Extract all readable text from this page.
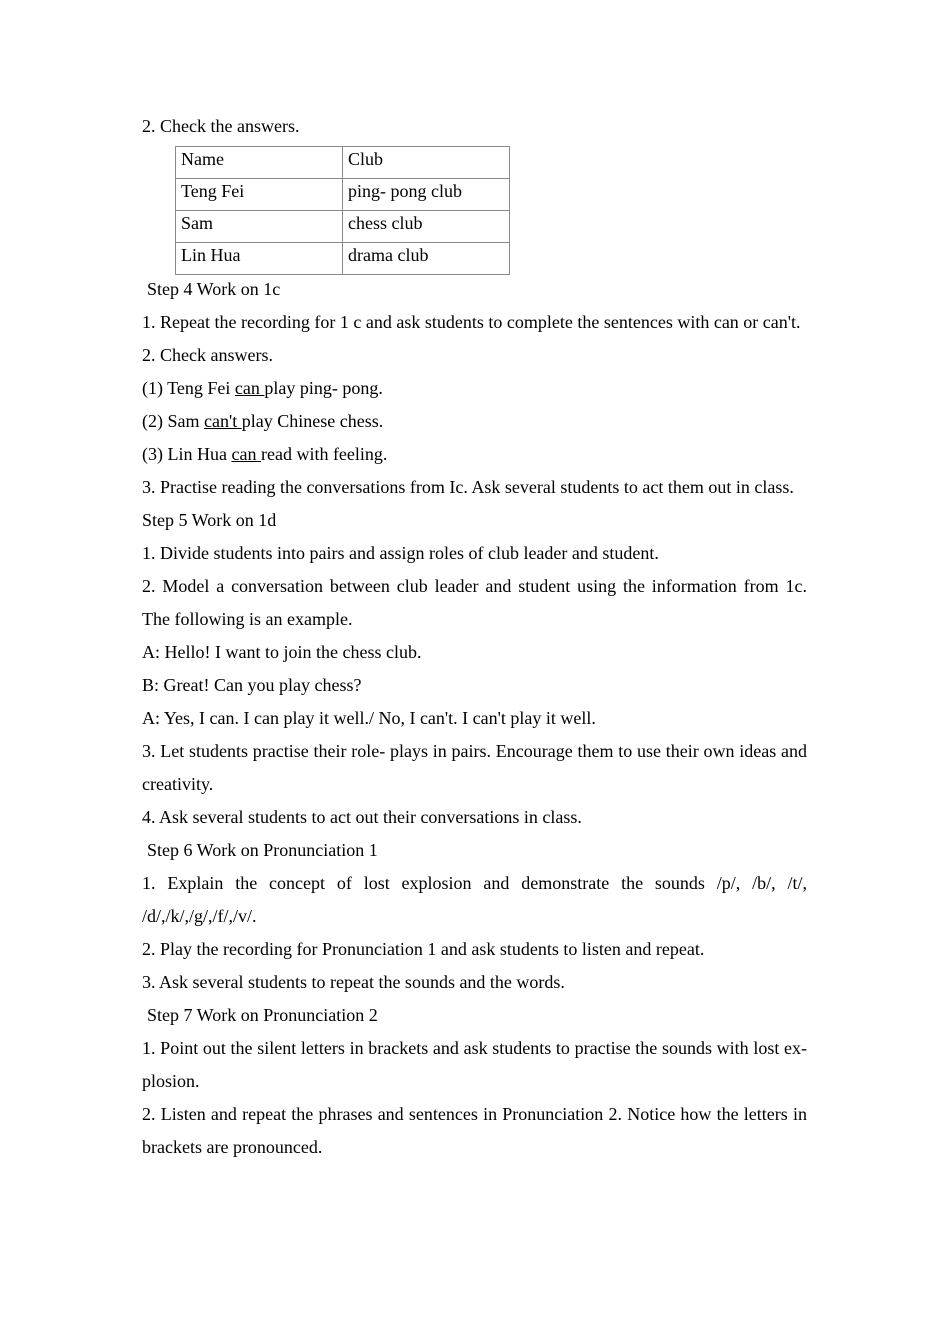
2. Check the answers.

Name	Club
Teng Fei	ping- pong club
Sam	chess club
Lin Hua	drama club

Step 4 Work on 1c

1. Repeat the recording for 1 c and ask students to complete the sentences with can or can't.

2. Check answers.

(1) Teng Fei can play ping- pong.

(2) Sam can't play Chinese chess.

(3) Lin Hua can read with feeling.

3. Practise reading the conversations from Ic. Ask several students to act them out in class.

Step 5 Work on 1d

1. Divide students into pairs and assign roles of club leader and student.

2. Model a conversation between club leader and student using the information from 1c. The following is an example.

A: Hello! I want to join the chess club.

B: Great! Can you play chess?

A: Yes, I can. I can play it well./ No, I can't. I can't play it well.

3. Let students practise their role- plays in pairs. Encourage them to use their own ideas and creativity.

4. Ask several students to act out their conversations in class.

Step 6 Work on Pronunciation 1

1. Explain the concept of lost explosion and demonstrate the sounds /p/, /b/, /t/, /d/,/k/,/g/,/f/,/v/.

2. Play the recording for Pronunciation 1 and ask students to listen and repeat.

3. Ask several students to repeat the sounds and the words.

Step 7 Work on Pronunciation 2

1. Point out the silent letters in brackets and ask students to practise the sounds with lost ex- plosion.

2. Listen and repeat the phrases and sentences in Pronunciation 2. Notice how the letters in brackets are pronounced.
